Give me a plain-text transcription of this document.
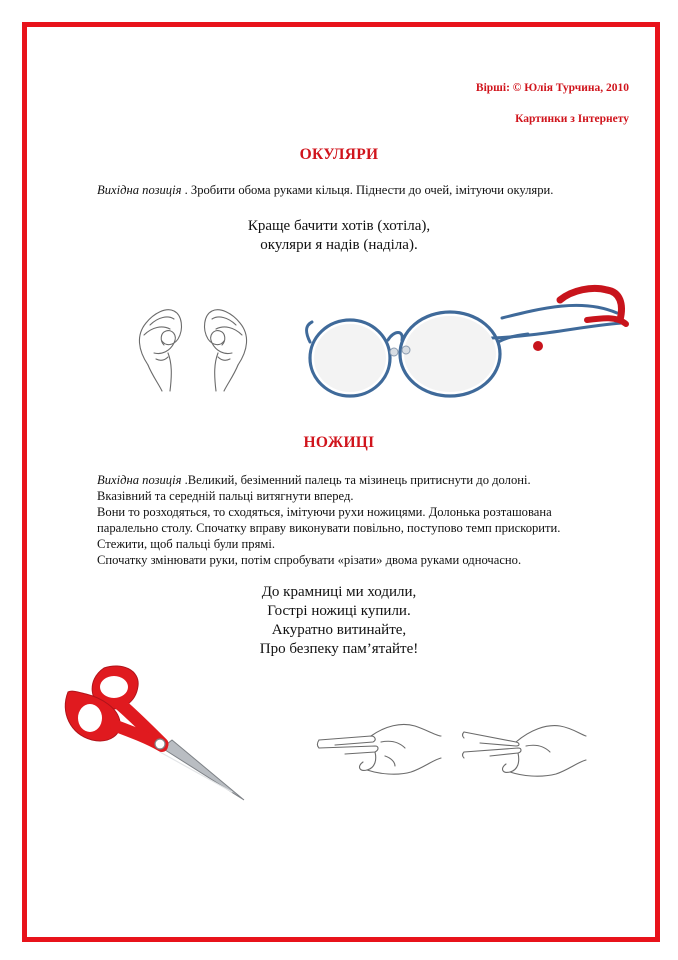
Вірші: © Юлія Турчина, 2010
Картинки з Інтернету
ОКУЛЯРИ
Вихідна позиція . Зробити обома руками кільця. Піднести до очей, імітуючи окуляри.
Краще бачити хотів (хотіла),
окуляри я надів (наділа).
НОЖИЦІ
Вихідна позиція .Великий, безіменний палець та мізинець притиснути до долоні.
Вказівний та середній пальці витягнути вперед.
Вони то розходяться, то сходяться, імітуючи рухи ножицями. Долонька розташована
паралельно столу. Спочатку вправу виконувати повільно, поступово темп прискорити.
Стежити, щоб пальці були прямі.
Спочатку змінювати руки, потім спробувати «різати» двома руками одночасно.
До крамниці ми ходили,
Гострі ножиці купили.
Акуратно витинайте,
Про безпеку пам’ятайте!
